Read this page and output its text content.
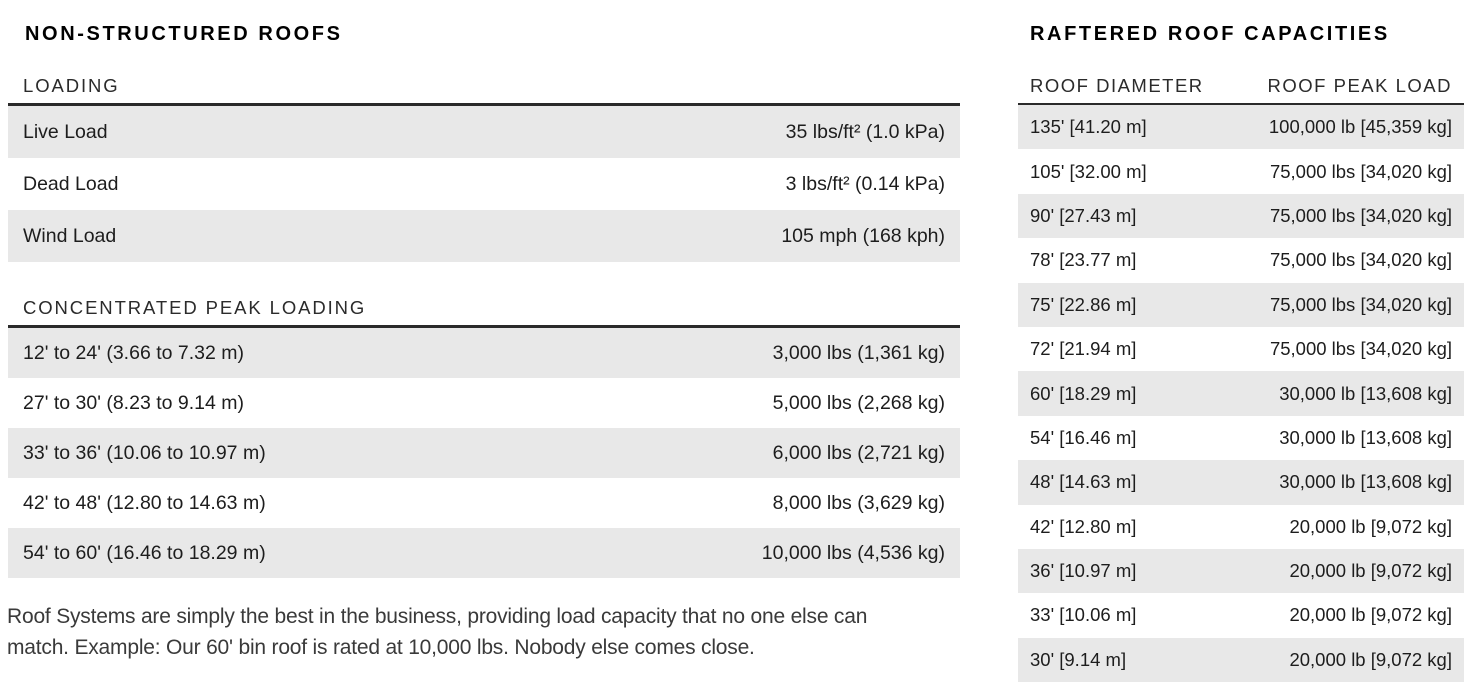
NON-STRUCTURED ROOFS
LOADING
Live Load	35 lbs/ft² (1.0 kPa)
Dead Load	3 lbs/ft² (0.14 kPa)
Wind Load	105 mph (168 kph)
CONCENTRATED PEAK LOADING
12' to 24' (3.66 to 7.32 m)	3,000 lbs (1,361 kg)
27' to 30' (8.23 to 9.14 m)	5,000 lbs (2,268 kg)
33' to 36' (10.06 to 10.97 m)	6,000 lbs (2,721 kg)
42' to 48' (12.80 to 14.63 m)	8,000 lbs (3,629 kg)
54' to 60' (16.46 to 18.29 m)	10,000 lbs (4,536 kg)
Roof Systems are simply the best in the business, providing load capacity that no one else can
match. Example: Our 60' bin roof is rated at 10,000 lbs. Nobody else comes close.
RAFTERED ROOF CAPACITIES
ROOF DIAMETER	ROOF PEAK LOAD
135' [41.20 m]	100,000 lb [45,359 kg]
105' [32.00 m]	75,000 lbs [34,020 kg]
90' [27.43 m]	75,000 lbs [34,020 kg]
78' [23.77 m]	75,000 lbs [34,020 kg]
75' [22.86 m]	75,000 lbs [34,020 kg]
72' [21.94 m]	75,000 lbs [34,020 kg]
60' [18.29 m]	30,000 lb [13,608 kg]
54' [16.46 m]	30,000 lb [13,608 kg]
48' [14.63 m]	30,000 lb [13,608 kg]
42' [12.80 m]	20,000 lb [9,072 kg]
36' [10.97 m]	20,000 lb [9,072 kg]
33' [10.06 m]	20,000 lb [9,072 kg]
30' [9.14 m]	20,000 lb [9,072 kg]
